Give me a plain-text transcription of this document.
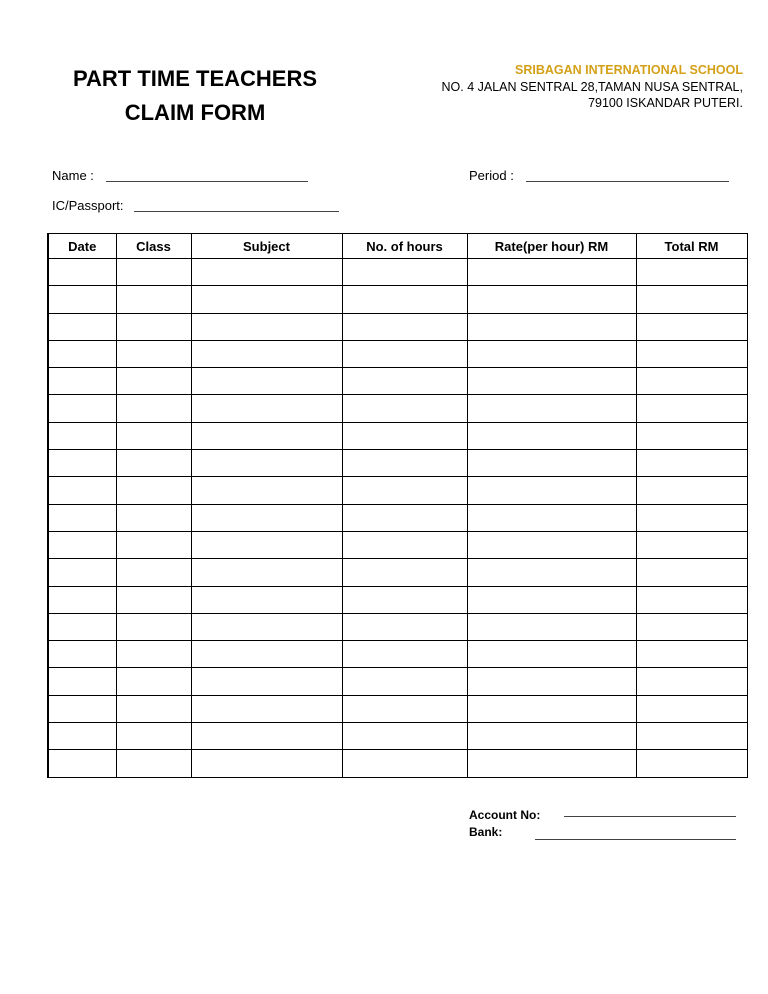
PART TIME TEACHERS
CLAIM FORM
SRIBAGAN INTERNATIONAL SCHOOL
NO. 4 JALAN SENTRAL 28,TAMAN NUSA SENTRAL,
79100 ISKANDAR PUTERI.
Name :	Period :
IC/Passport:
Date	Class	Subject	No. of hours	Rate(per hour) RM	Total RM

Account No:
Bank:
